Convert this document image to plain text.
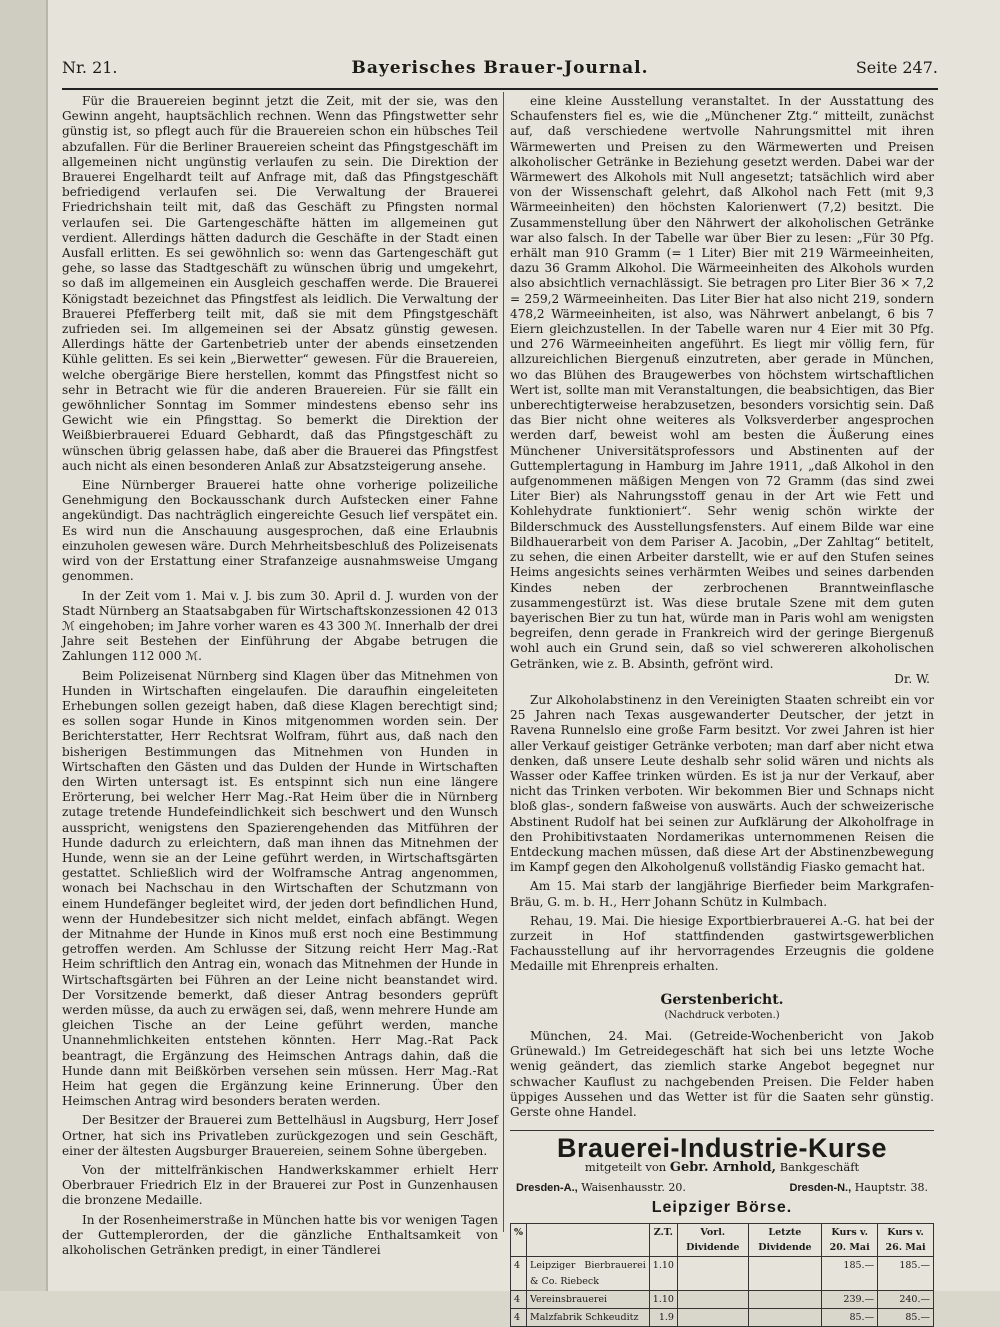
Nr. 21.	Bayerisches Brauer-Journal.	Seite 247.

Für die Brauereien beginnt jetzt die Zeit, mit der sie, was den Gewinn angeht, hauptsächlich rechnen. Wenn das Pfingstwetter sehr günstig ist, so pflegt auch für die Brauereien schon ein hübsches Teil abzufallen. Für die Berliner Brauereien scheint das Pfingstgeschäft im allgemeinen nicht ungünstig verlaufen zu sein. Die Direktion der Brauerei Engelhardt teilt auf Anfrage mit, daß das Pfingstgeschäft befriedigend verlaufen sei. Die Verwaltung der Brauerei Friedrichshain teilt mit, daß das Geschäft zu Pfingsten normal verlaufen sei. Die Gartengeschäfte hätten im allgemeinen gut verdient. Allerdings hätten dadurch die Geschäfte in der Stadt einen Ausfall erlitten. Es sei gewöhnlich so: wenn das Gartengeschäft gut gehe, so lasse das Stadtgeschäft zu wünschen übrig und umgekehrt, so daß im allgemeinen ein Ausgleich geschaffen werde. Die Brauerei Königstadt bezeichnet das Pfingstfest als leidlich. Die Verwaltung der Brauerei Pfefferberg teilt mit, daß sie mit dem Pfingstgeschäft zufrieden sei. Im allgemeinen sei der Absatz günstig gewesen. Allerdings hätte der Gartenbetrieb unter der abends einsetzenden Kühle gelitten. Es sei kein „Bierwetter“ gewesen. Für die Brauereien, welche obergärige Biere herstellen, kommt das Pfingstfest nicht so sehr in Betracht wie für die anderen Brauereien. Für sie fällt ein gewöhnlicher Sonntag im Sommer mindestens ebenso sehr ins Gewicht wie ein Pfingsttag. So bemerkt die Direktion der Weißbierbrauerei Eduard Gebhardt, daß das Pfingstgeschäft zu wünschen übrig gelassen habe, daß aber die Brauerei das Pfingstfest auch nicht als einen besonderen Anlaß zur Absatzsteigerung ansehe.

Eine Nürnberger Brauerei hatte ohne vorherige polizeiliche Genehmigung den Bockausschank durch Aufstecken einer Fahne angekündigt. Das nachträglich eingereichte Gesuch lief verspätet ein. Es wird nun die Anschauung ausgesprochen, daß eine Erlaubnis einzuholen gewesen wäre. Durch Mehrheitsbeschluß des Polizeisenats wird von der Erstattung einer Strafanzeige ausnahmsweise Umgang genommen.

In der Zeit vom 1. Mai v. J. bis zum 30. April d. J. wurden von der Stadt Nürnberg an Staatsabgaben für Wirtschaftskonzessionen 42 013 ℳ eingehoben; im Jahre vorher waren es 43 300 ℳ. Innerhalb der drei Jahre seit Bestehen der Einführung der Abgabe betrugen die Zahlungen 112 000 ℳ.

Beim Polizeisenat Nürnberg sind Klagen über das Mitnehmen von Hunden in Wirtschaften eingelaufen. Die daraufhin eingeleiteten Erhebungen sollen gezeigt haben, daß diese Klagen berechtigt sind; es sollen sogar Hunde in Kinos mitgenommen worden sein. Der Berichterstatter, Herr Rechtsrat Wolfram, führt aus, daß nach den bisherigen Bestimmungen das Mitnehmen von Hunden in Wirtschaften den Gästen und das Dulden der Hunde in Wirtschaften den Wirten untersagt ist. Es entspinnt sich nun eine längere Erörterung, bei welcher Herr Mag.-Rat Heim über die in Nürnberg zutage tretende Hundefeindlichkeit sich beschwert und den Wunsch ausspricht, wenigstens den Spazierengehenden das Mitführen der Hunde dadurch zu erleichtern, daß man ihnen das Mitnehmen der Hunde, wenn sie an der Leine geführt werden, in Wirtschaftsgärten gestattet. Schließlich wird der Wolframsche Antrag angenommen, wonach bei Nachschau in den Wirtschaften der Schutzmann von einem Hundefänger begleitet wird, der jeden dort befindlichen Hund, wenn der Hundebesitzer sich nicht meldet, einfach abfängt. Wegen der Mitnahme der Hunde in Kinos muß erst noch eine Bestimmung getroffen werden. Am Schlusse der Sitzung reicht Herr Mag.-Rat Heim schriftlich den Antrag ein, wonach das Mitnehmen der Hunde in Wirtschaftsgärten bei Führen an der Leine nicht beanstandet wird. Der Vorsitzende bemerkt, daß dieser Antrag besonders geprüft werden müsse, da auch zu erwägen sei, daß, wenn mehrere Hunde am gleichen Tische an der Leine geführt werden, manche Unannehmlichkeiten entstehen könnten. Herr Mag.-Rat Pack beantragt, die Ergänzung des Heimschen Antrags dahin, daß die Hunde dann mit Beißkörben versehen sein müssen. Herr Mag.-Rat Heim hat gegen die Ergänzung keine Erinnerung. Über den Heimschen Antrag wird besonders beraten werden.

Der Besitzer der Brauerei zum Bettelhäusl in Augsburg, Herr Josef Ortner, hat sich ins Privatleben zurückgezogen und sein Geschäft, einer der ältesten Augsburger Brauereien, seinem Sohne übergeben.

Von der mittelfränkischen Handwerkskammer erhielt Herr Oberbrauer Friedrich Elz in der Brauerei zur Post in Gunzenhausen die bronzene Medaille.

In der Rosenheimerstraße in München hatte bis vor wenigen Tagen der Guttemplerorden, der die gänzliche Enthaltsamkeit von alkoholischen Getränken predigt, in einer Tändlerei

eine kleine Ausstellung veranstaltet. In der Ausstattung des Schaufensters fiel es, wie die „Münchener Ztg.“ mitteilt, zunächst auf, daß verschiedene wertvolle Nahrungsmittel mit ihren Wärmewerten und Preisen zu den Wärmewerten und Preisen alkoholischer Getränke in Beziehung gesetzt werden. Dabei war der Wärmewert des Alkohols mit Null angesetzt; tatsächlich wird aber von der Wissenschaft gelehrt, daß Alkohol nach Fett (mit 9,3 Wärmeeinheiten) den höchsten Kalorienwert (7,2) besitzt. Die Zusammenstellung über den Nährwert der alkoholischen Getränke war also falsch. In der Tabelle war über Bier zu lesen: „Für 30 Pfg. erhält man 910 Gramm (= 1 Liter) Bier mit 219 Wärmeeinheiten, dazu 36 Gramm Alkohol. Die Wärmeeinheiten des Alkohols wurden also absichtlich vernachlässigt. Sie betragen pro Liter Bier 36 × 7,2 = 259,2 Wärmeeinheiten. Das Liter Bier hat also nicht 219, sondern 478,2 Wärmeeinheiten, ist also, was Nährwert anbelangt, 6 bis 7 Eiern gleichzustellen. In der Tabelle waren nur 4 Eier mit 30 Pfg. und 276 Wärmeeinheiten angeführt. Es liegt mir völlig fern, für allzureichlichen Biergenuß einzutreten, aber gerade in München, wo das Blühen des Braugewerbes von höchstem wirtschaftlichen Wert ist, sollte man mit Veranstaltungen, die beabsichtigen, das Bier unberechtigterweise herabzusetzen, besonders vorsichtig sein. Daß das Bier nicht ohne weiteres als Volksverderber angesprochen werden darf, beweist wohl am besten die Äußerung eines Münchener Universitätsprofessors und Abstinenten auf der Guttemplertagung in Hamburg im Jahre 1911, „daß Alkohol in den aufgenommenen mäßigen Mengen von 72 Gramm (das sind zwei Liter Bier) als Nahrungsstoff genau in der Art wie Fett und Kohlehydrate funktioniert“. Sehr wenig schön wirkte der Bilderschmuck des Ausstellungsfensters. Auf einem Bilde war eine Bildhauerarbeit von dem Pariser A. Jacobin, „Der Zahltag“ betitelt, zu sehen, die einen Arbeiter darstellt, wie er auf den Stufen seines Heims angesichts seines verhärmten Weibes und seines darbenden Kindes neben der zerbrochenen Branntweinflasche zusammengestürzt ist. Was diese brutale Szene mit dem guten bayerischen Bier zu tun hat, würde man in Paris wohl am wenigsten begreifen, denn gerade in Frankreich wird der geringe Biergenuß wohl auch ein Grund sein, daß so viel schwereren alkoholischen Getränken, wie z. B. Absinth, gefrönt wird.

Dr. W.

Zur Alkoholabstinenz in den Vereinigten Staaten schreibt ein vor 25 Jahren nach Texas ausgewanderter Deutscher, der jetzt in Ravena Runnelslo eine große Farm besitzt. Vor zwei Jahren ist hier aller Verkauf geistiger Getränke verboten; man darf aber nicht etwa denken, daß unsere Leute deshalb sehr solid wären und nichts als Wasser oder Kaffee trinken würden. Es ist ja nur der Verkauf, aber nicht das Trinken verboten. Wir bekommen Bier und Schnaps nicht bloß glas-, sondern faßweise von auswärts. Auch der schweizerische Abstinent Rudolf hat bei seinen zur Aufklärung der Alkoholfrage in den Prohibitivstaaten Nordamerikas unternommenen Reisen die Entdeckung machen müssen, daß diese Art der Abstinenzbewegung im Kampf gegen den Alkoholgenuß vollständig Fiasko gemacht hat.

Am 15. Mai starb der langjährige Bierfieder beim Markgrafen-Bräu, G. m. b. H., Herr Johann Schütz in Kulmbach.

Rehau, 19. Mai. Die hiesige Exportbierbrauerei A.-G. hat bei der zurzeit in Hof stattfindenden gastwirtsgewerblichen Fachausstellung auf ihr hervorragendes Erzeugnis die goldene Medaille mit Ehrenpreis erhalten.

Gerstenbericht.
(Nachdruck verboten.)

München, 24. Mai. (Getreide-Wochenbericht von Jakob Grünewald.) Im Getreidegeschäft hat sich bei uns letzte Woche wenig geändert, das ziemlich starke Angebot begegnet nur schwacher Kauflust zu nachgebenden Preisen. Die Felder haben üppiges Aussehen und das Wetter ist für die Saaten sehr günstig. Gerste ohne Handel.

Brauerei-Industrie-Kurse
mitgeteilt von Gebr. Arnhold, Bankgeschäft
Dresden-A., Waisenhausstr. 20.	Dresden-N., Hauptstr. 38.
Leipziger Börse.
%		Z.T.	Vorl. Dividende	Letzte Dividende	Kurs v. 20. Mai	Kurs v. 26. Mai
4	Leipziger Bierbrauerei & Co. Riebeck	1.10			185.—	185.—
4	Vereinsbrauerei	1.10			239.—	240.—
4	Malzfabrik Schkeuditz	1.9			85.—	85.—
